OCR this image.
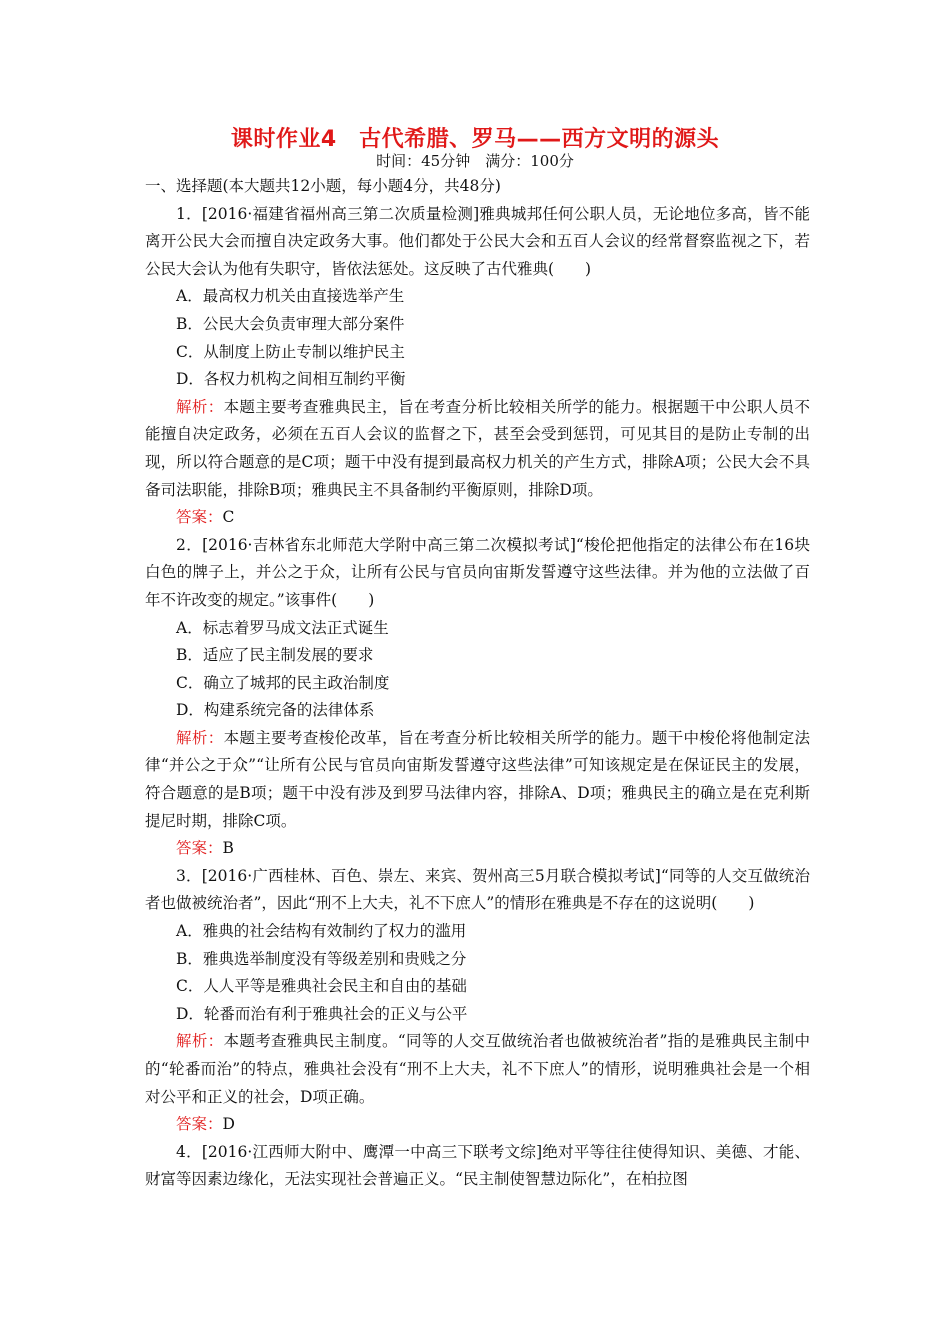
课时作业4　古代希腊、罗马——西方文明的源头
时间：45分钟　满分：100分

一、选择题(本大题共12小题，每小题4分，共48分)

1．[2016·福建省福州高三第二次质量检测]雅典城邦任何公职人员，无论地位多高，皆不能离开公民大会而擅自决定政务大事。他们都处于公民大会和五百人会议的经常督察监视之下，若公民大会认为他有失职守，皆依法惩处。这反映了古代雅典(　　)

A．最高权力机关由直接选举产生

B．公民大会负责审理大部分案件

C．从制度上防止专制以维护民主

D．各权力机构之间相互制约平衡

解析：本题主要考查雅典民主，旨在考查分析比较相关所学的能力。根据题干中公职人员不能擅自决定政务，必须在五百人会议的监督之下，甚至会受到惩罚，可见其目的是防止专制的出现，所以符合题意的是C项；题干中没有提到最高权力机关的产生方式，排除A项；公民大会不具备司法职能，排除B项；雅典民主不具备制约平衡原则，排除D项。

答案：C

2．[2016·吉林省东北师范大学附中高三第二次模拟考试]“梭伦把他指定的法律公布在16块白色的牌子上，并公之于众，让所有公民与官员向宙斯发誓遵守这些法律。并为他的立法做了百年不许改变的规定。”该事件(　　)

A．标志着罗马成文法正式诞生

B．适应了民主制发展的要求

C．确立了城邦的民主政治制度

D．构建系统完备的法律体系

解析：本题主要考查梭伦改革，旨在考查分析比较相关所学的能力。题干中梭伦将他制定法律“并公之于众”“让所有公民与官员向宙斯发誓遵守这些法律”可知该规定是在保证民主的发展，符合题意的是B项；题干中没有涉及到罗马法律内容，排除A、D项；雅典民主的确立是在克利斯提尼时期，排除C项。

答案：B

3．[2016·广西桂林、百色、崇左、来宾、贺州高三5月联合模拟考试]“同等的人交互做统治者也做被统治者”，因此“刑不上大夫，礼不下庶人”的情形在雅典是不存在的这说明(　　)

A．雅典的社会结构有效制约了权力的滥用

B．雅典选举制度没有等级差别和贵贱之分

C．人人平等是雅典社会民主和自由的基础

D．轮番而治有利于雅典社会的正义与公平

解析：本题考查雅典民主制度。“同等的人交互做统治者也做被统治者”指的是雅典民主制中的“轮番而治”的特点，雅典社会没有“刑不上大夫，礼不下庶人”的情形，说明雅典社会是一个相对公平和正义的社会，D项正确。

答案：D

4．[2016·江西师大附中、鹰潭一中高三下联考文综]绝对平等往往使得知识、美德、才能、财富等因素边缘化，无法实现社会普遍正义。“民主制使智慧边际化”，在柏拉图
